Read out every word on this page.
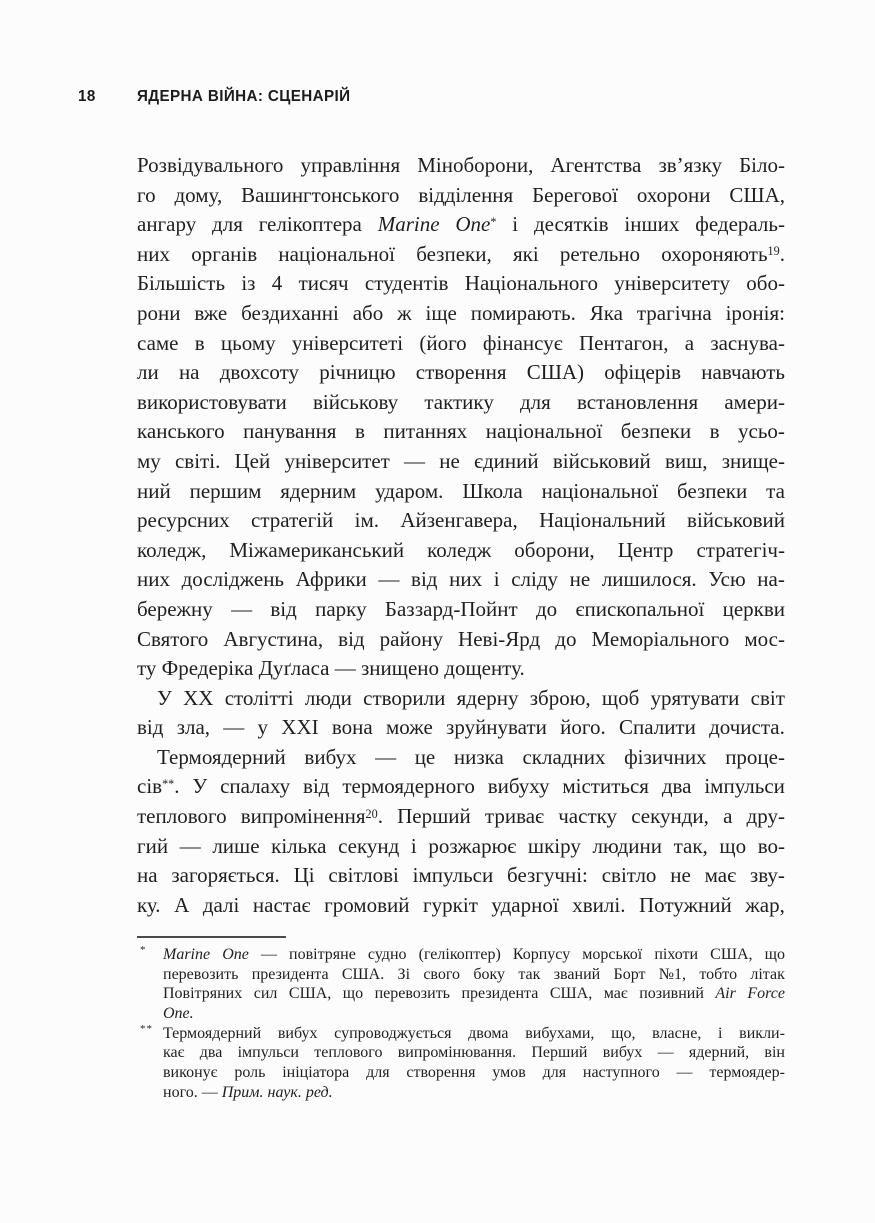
18	ЯДЕРНА ВІЙНА: СЦЕНАРІЙ
Розвідувального управління Міноборони, Агентства зв’язку Біло-
го дому, Вашингтонського відділення Берегової охорони США,
ангару для гелікоптера Marine One* і десятків інших федераль-
них органів національної безпеки, які ретельно охороняють$^{19}$.
Більшість із 4 тисяч студентів Національного університету обо-
рони вже бездиханні або ж іще помирають. Яка трагічна іронія:
саме в цьому університеті (його фінансує Пентагон, а заснува-
ли на двохсоту річницю створення США) офіцерів навчають
використовувати військову тактику для встановлення амери-
канського панування в питаннях національної безпеки в усьо-
му світі. Цей університет — не єдиний військовий виш, знище-
ний першим ядерним ударом. Школа національної безпеки та
ресурсних стратегій ім. Айзенгавера, Національний військовий
коледж, Міжамериканський коледж оборони, Центр стратегіч-
них досліджень Африки — від них і сліду не лишилося. Усю на-
бережну — від парку Баззард-Пойнт до єпископальної церкви
Святого Августина, від району Неві-Ярд до Меморіального мос-
ту Фредеріка Дуґласа — знищено дощенту.
У XX столітті люди створили ядерну зброю, щоб урятувати світ
від зла, — у XXI вона може зруйнувати його. Спалити дочиста.
Термоядерний вибух — це низка складних фізичних проце-
сів**. У спалаху від термоядерного вибуху міститься два імпульси
теплового випромінення$^{20}$. Перший триває частку секунди, а дру-
гий — лише кілька секунд і розжарює шкіру людини так, що во-
на загоряється. Ці світлові імпульси безгучні: світло не має зву-
ку. А далі настає громовий гуркіт ударної хвилі. Потужний жар,
* Marine One — повітряне судно (гелікоптер) Корпусу морської піхоти США, що
перевозить президента США. Зі свого боку так званий Борт №1, тобто літак
Повітряних сил США, що перевозить президента США, має позивний Air Force
One.
** Термоядерний вибух супроводжується двома вибухами, що, власне, і викли-
кає два імпульси теплового випромінювання. Перший вибух — ядерний, він
виконує роль ініціатора для створення умов для наступного — термоядер-
ного. — Прим. наук. ред.
